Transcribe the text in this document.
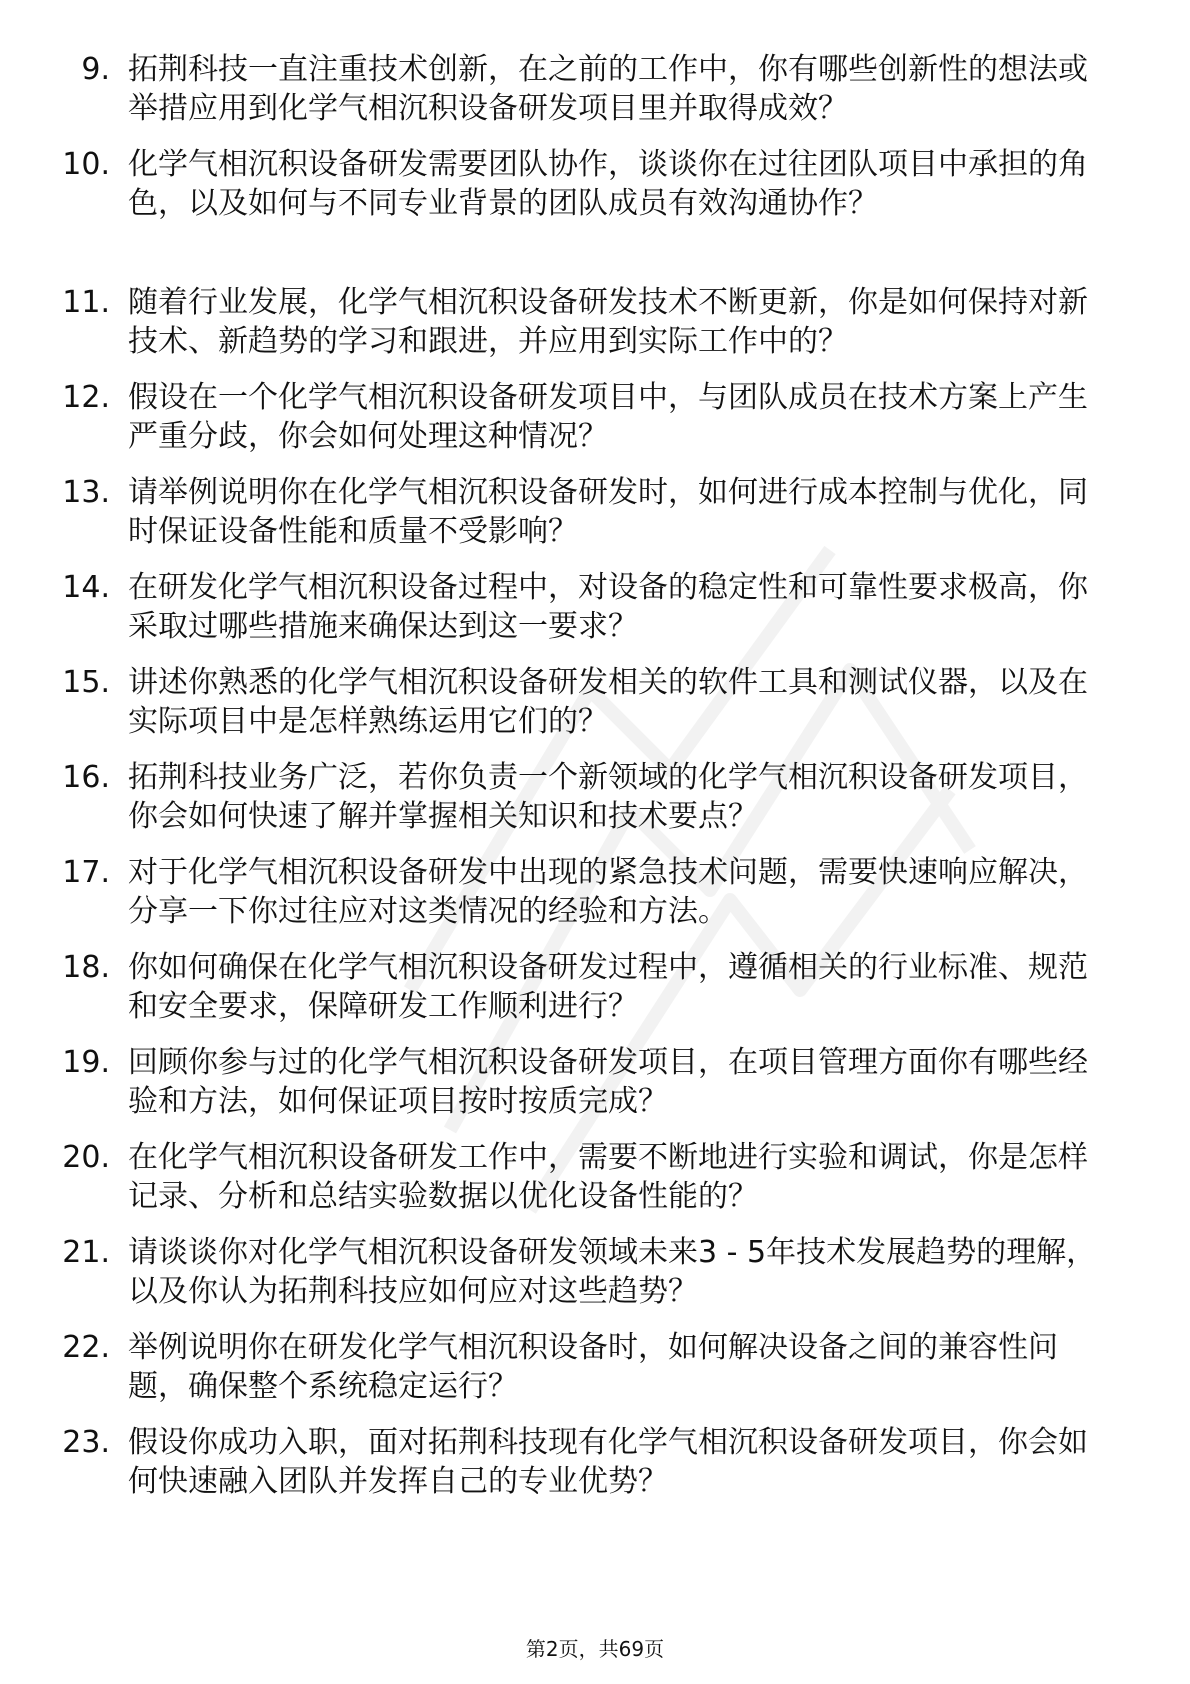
9. 拓荆科技一直注重技术创新，在之前的工作中，你有哪些创新性的想法或举措应用到化学气相沉积设备研发项目里并取得成效？
10. 化学气相沉积设备研发需要团队协作，谈谈你在过往团队项目中承担的角色，以及如何与不同专业背景的团队成员有效沟通协作？
11. 随着行业发展，化学气相沉积设备研发技术不断更新，你是如何保持对新技术、新趋势的学习和跟进，并应用到实际工作中的？
12. 假设在一个化学气相沉积设备研发项目中，与团队成员在技术方案上产生严重分歧，你会如何处理这种情况？
13. 请举例说明你在化学气相沉积设备研发时，如何进行成本控制与优化，同时保证设备性能和质量不受影响？
14. 在研发化学气相沉积设备过程中，对设备的稳定性和可靠性要求极高，你采取过哪些措施来确保达到这一要求？
15. 讲述你熟悉的化学气相沉积设备研发相关的软件工具和测试仪器，以及在实际项目中是怎样熟练运用它们的？
16. 拓荆科技业务广泛，若你负责一个新领域的化学气相沉积设备研发项目，你会如何快速了解并掌握相关知识和技术要点？
17. 对于化学气相沉积设备研发中出现的紧急技术问题，需要快速响应解决，分享一下你过往应对这类情况的经验和方法。
18. 你如何确保在化学气相沉积设备研发过程中，遵循相关的行业标准、规范和安全要求，保障研发工作顺利进行？
19. 回顾你参与过的化学气相沉积设备研发项目，在项目管理方面你有哪些经验和方法，如何保证项目按时按质完成？
20. 在化学气相沉积设备研发工作中，需要不断地进行实验和调试，你是怎样记录、分析和总结实验数据以优化设备性能的？
21. 请谈谈你对化学气相沉积设备研发领域未来3 - 5年技术发展趋势的理解，以及你认为拓荆科技应如何应对这些趋势？
22. 举例说明你在研发化学气相沉积设备时，如何解决设备之间的兼容性问题，确保整个系统稳定运行？
23. 假设你成功入职，面对拓荆科技现有化学气相沉积设备研发项目，你会如何快速融入团队并发挥自己的专业优势？
第2页，共69页
